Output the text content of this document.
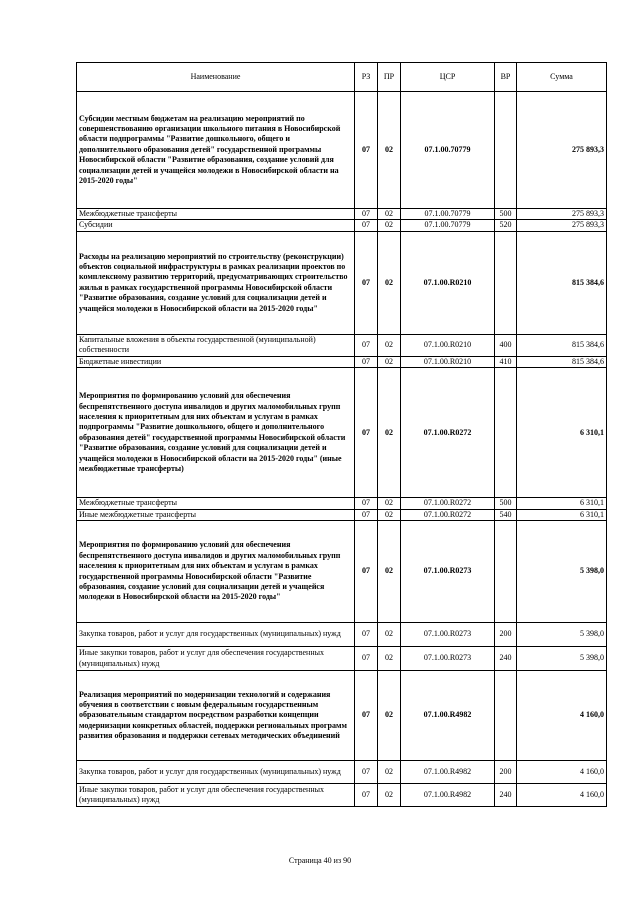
Наименование	РЗ	ПР	ЦСР	ВР	Сумма
Субсидии местным бюджетам на реализацию мероприятий по совершенствованию организации школьного питания в Новосибирской области подпрограммы "Развитие дошкольного, общего и дополнительного образования детей" государственной программы Новосибирской области "Развитие образования, создание условий для социализации детей и учащейся молодежи в Новосибирской области на 2015-2020 годы"	07	02	07.1.00.70779		275 893,3
Межбюджетные трансферты	07	02	07.1.00.70779	500	275 893,3
Субсидии	07	02	07.1.00.70779	520	275 893,3
Расходы на реализацию мероприятий по строительству (реконструкции) объектов социальной инфраструктуры в рамках реализации проектов по комплексному развитию территорий, предусматривающих строительство жилья в рамках государственной программы Новосибирской области "Развитие образования, создание условий для социализации детей и учащейся молодежи в Новосибирской области на 2015-2020 годы"	07	02	07.1.00.R0210		815 384,6
Капитальные вложения в объекты государственной (муниципальной) собственности	07	02	07.1.00.R0210	400	815 384,6
Бюджетные инвестиции	07	02	07.1.00.R0210	410	815 384,6
Мероприятия по формированию условий для обеспечения беспрепятственного доступа инвалидов и других маломобильных групп населения к приоритетным для них объектам и услугам в рамках подпрограммы "Развитие дошкольного, общего и дополнительного образования детей" государственной программы Новосибирской области "Развитие образования, создание условий для социализации детей и учащейся молодежи в Новосибирской области на 2015-2020 годы" (иные межбюджетные трансферты)	07	02	07.1.00.R0272		6 310,1
Межбюджетные трансферты	07	02	07.1.00.R0272	500	6 310,1
Иные межбюджетные трансферты	07	02	07.1.00.R0272	540	6 310,1
Мероприятия по формированию условий для обеспечения беспрепятственного доступа инвалидов и других маломобильных групп населения к приоритетным для них объектам и услугам в рамках государственной программы Новосибирской области "Развитие образования, создание условий для социализации детей и учащейся молодежи в Новосибирской области на 2015-2020 годы"	07	02	07.1.00.R0273		5 398,0
Закупка товаров, работ и услуг для государственных (муниципальных) нужд	07	02	07.1.00.R0273	200	5 398,0
Иные закупки товаров, работ и услуг для обеспечения государственных (муниципальных) нужд	07	02	07.1.00.R0273	240	5 398,0
Реализация мероприятий по модернизации технологий и содержания обучения в соответствии с новым федеральным государственным образовательным стандартом посредством разработки концепции модернизации конкретных областей, поддержки региональных программ развития образования и поддержки сетевых методических объединений	07	02	07.1.00.R4982		4 160,0
Закупка товаров, работ и услуг для государственных (муниципальных) нужд	07	02	07.1.00.R4982	200	4 160,0
Иные закупки товаров, работ и услуг для обеспечения государственных (муниципальных) нужд	07	02	07.1.00.R4982	240	4 160,0
Страница 40 из 90
